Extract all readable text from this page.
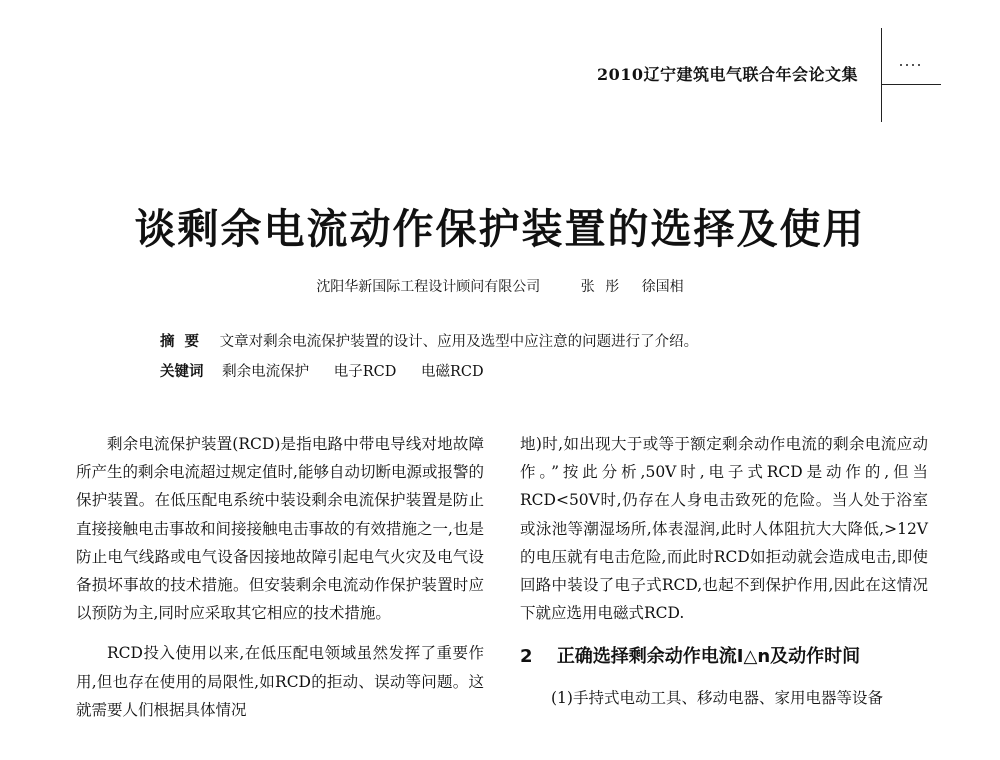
2010辽宁建筑电气联合年会论文集
谈剩余电流动作保护装置的选择及使用
沈阳华新国际工程设计顾问有限公司	张 彤 徐国相
摘要 文章对剩余电流保护装置的设计、应用及选型中应注意的问题进行了介绍。
关键词 剩余电流保护 电子RCD 电磁RCD

剩余电流保护装置(RCD)是指电路中带电导线对地故障所产生的剩余电流超过规定值时,能够自动切断电源或报警的保护装置。在低压配电系统中装设剩余电流保护装置是防止直接接触电击事故和间接接触电击事故的有效措施之一,也是防止电气线路或电气设备因接地故障引起电气火灾及电气设备损坏事故的技术措施。但安装剩余电流动作保护装置时应以预防为主,同时应采取其它相应的技术措施。

RCD投入使用以来,在低压配电领域虽然发挥了重要作用,但也存在使用的局限性,如RCD的拒动、误动等问题。这就需要人们根据具体情况

地)时,如出现大于或等于额定剩余动作电流的剩余电流应动作。”按此分析,50V时,电子式RCD是动作的,但当RCD<50V时,仍存在人身电击致死的危险。当人处于浴室或泳池等潮湿场所,体表湿润,此时人体阻抗大大降低,>12V的电压就有电击危险,而此时RCD如拒动就会造成电击,即使回路中装设了电子式RCD,也起不到保护作用,因此在这情况下就应选用电磁式RCD.

2 正确选择剩余动作电流I△n及动作时间

(1)手持式电动工具、移动电器、家用电器等设备
